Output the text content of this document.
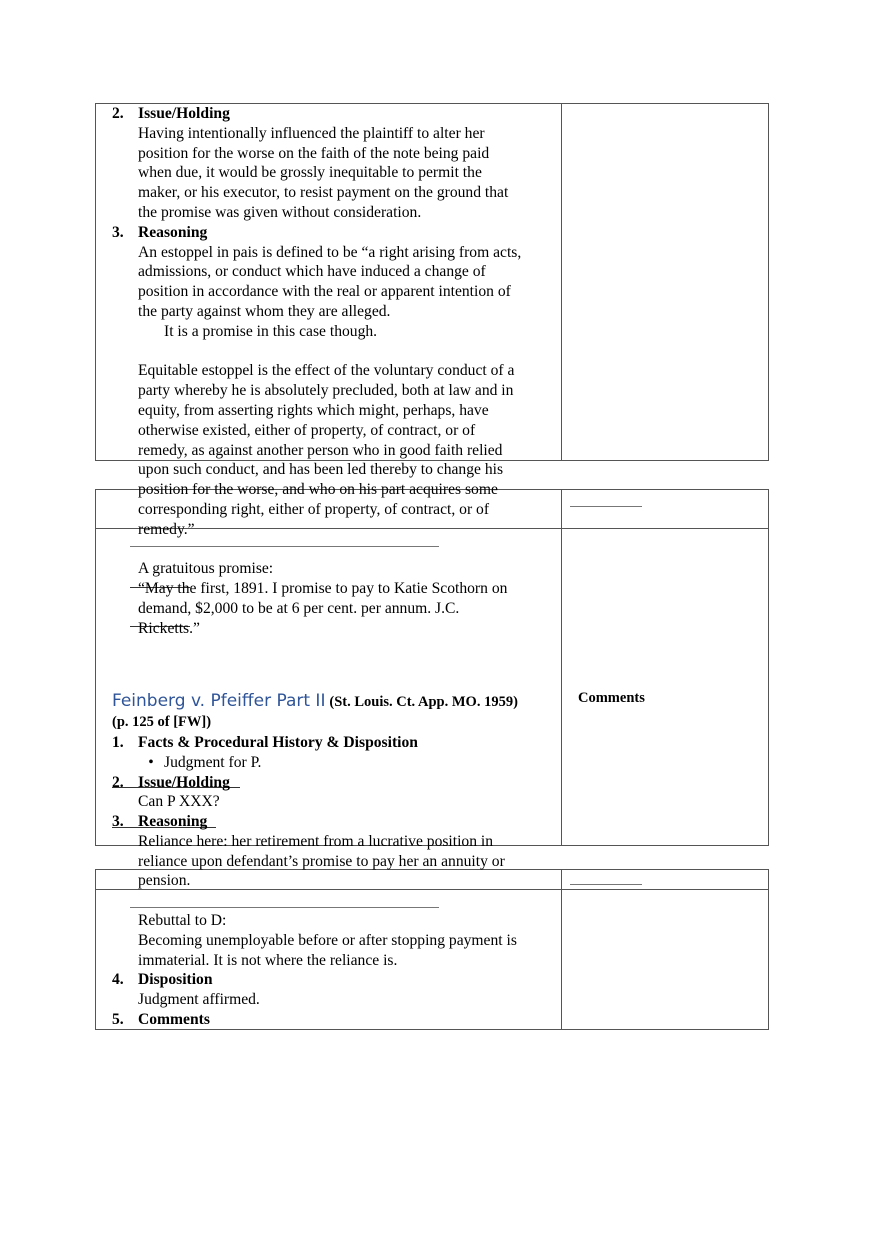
Comments

2. Issue/Holding

Having intentionally influenced the plaintiff to alter her

position for the worse on the faith of the note being paid

when due, it would be grossly inequitable to permit the

maker, or his executor, to resist payment on the ground that

the promise was given without consideration.

3. Reasoning

An estoppel in pais is defined to be “a right arising from acts,

admissions, or conduct which have induced a change of

position in accordance with the real or apparent intention of

the party against whom they are alleged.

It is a promise in this case though.

Equitable estoppel is the effect of the voluntary conduct of a

party whereby he is absolutely precluded, both at law and in

equity, from asserting rights which might, perhaps, have

otherwise existed, either of property, of contract, or of

remedy, as against another person who in good faith relied

upon such conduct, and has been led thereby to change his

position for the worse, and who on his part acquires some

corresponding right, either of property, of contract, or of

remedy.”

A gratuitous promise:

“May the first, 1891. I promise to pay to Katie Scothorn on

demand, $2,000 to be at 6 per cent. per annum. J.C.

Ricketts.”

Feinberg v. Pfeiffer Part II (St. Louis. Ct. App. MO. 1959)

(p. 125 of [FW])

1. Facts & Procedural History & Disposition

• Judgment for P.

2. Issue/Holding

Can P XXX?

3. Reasoning

Reliance here: her retirement from a lucrative position in

reliance upon defendant’s promise to pay her an annuity or

pension.

Rebuttal to D:

Becoming unemployable before or after stopping payment is

immaterial. It is not where the reliance is.

4. Disposition

Judgment affirmed.

5. Comments
